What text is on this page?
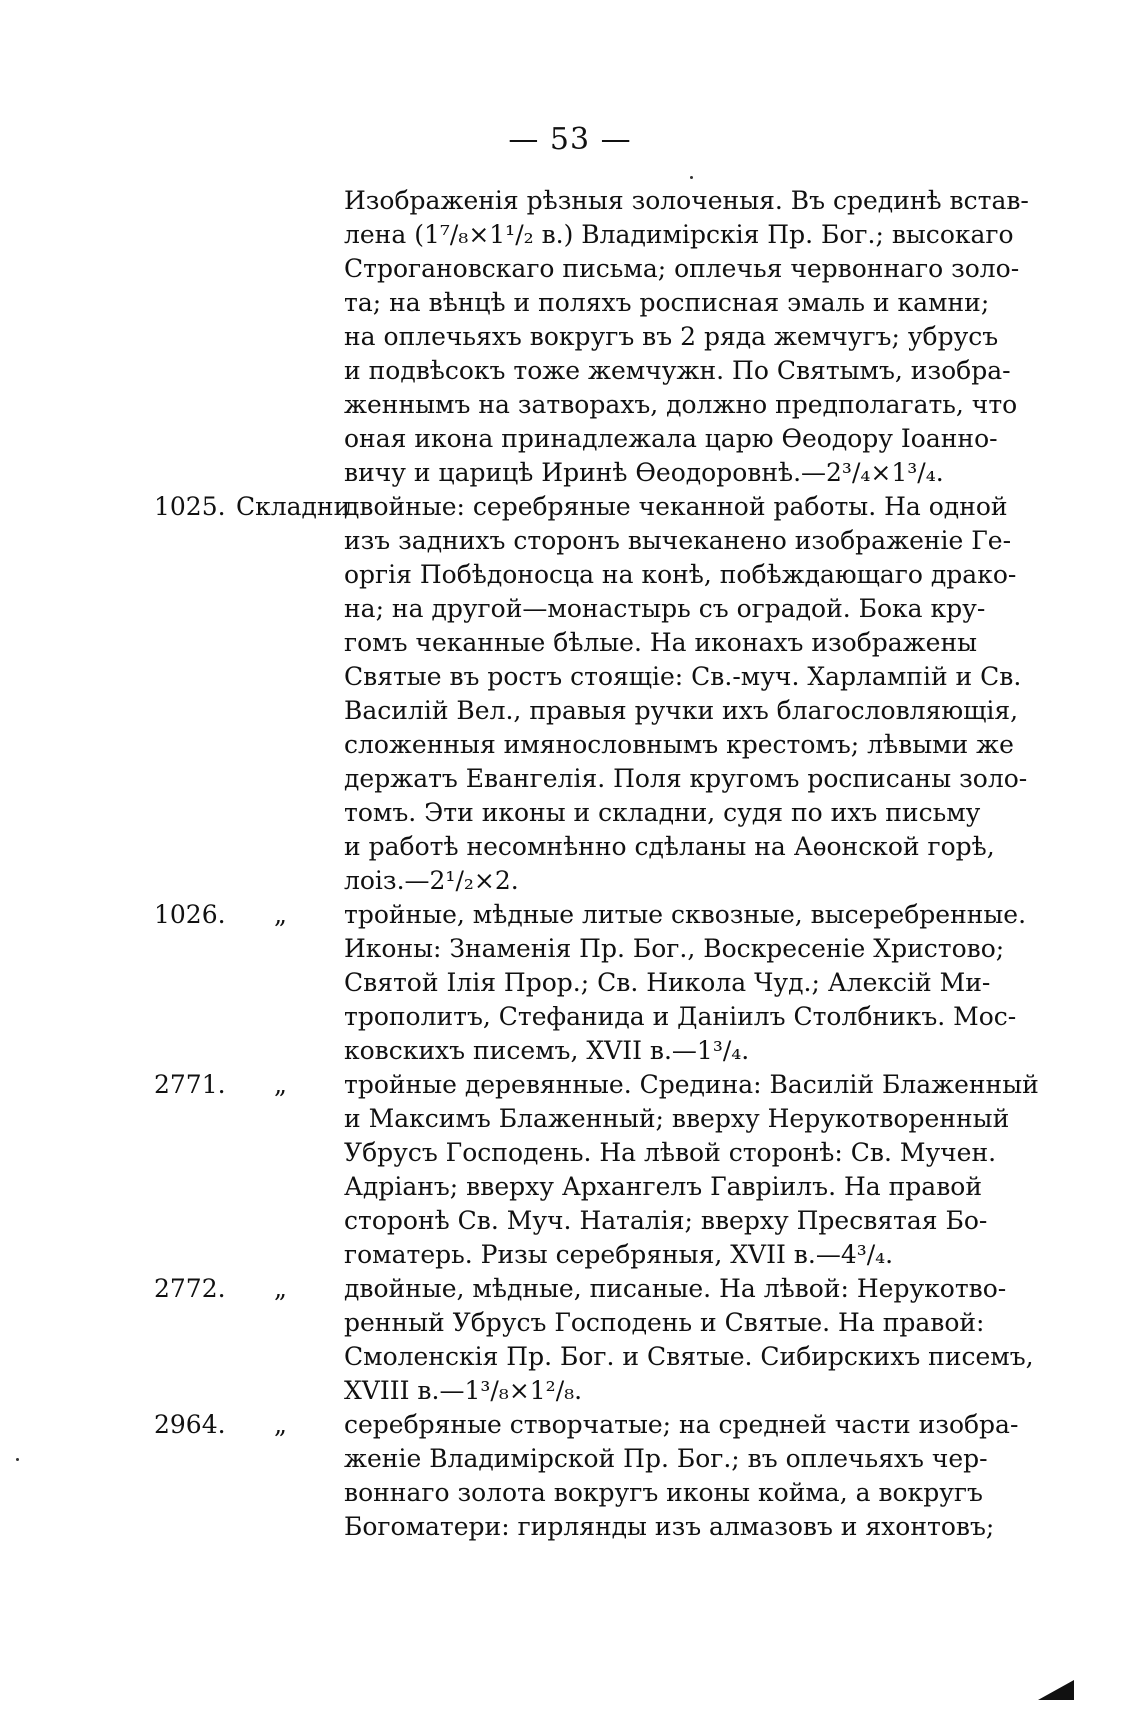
— 53 —
Изображенія рѣзныя золоченыя. Въ срединѣ встав-
лена (1⁷/₈×1¹/₂ в.) Владимірскія Пр. Бог.; высокаго
Строгановскаго письма; оплечья червоннаго золо-
та; на вѣнцѣ и поляхъ росписная эмаль и камни;
на оплечьяхъ вокругъ въ 2 ряда жемчугъ; убрусъ
и подвѣсокъ тоже жемчужн. По Святымъ, изобра-
женнымъ на затворахъ, должно предполагать, что
оная икона принадлежала царю Ѳеодору Іоанно-
вичу и царицѣ Иринѣ Ѳеодоровнѣ.—2³/₄×1³/₄.
1025. Складни
двойные: серебряные чеканной работы. На одной
изъ заднихъ сторонъ вычеканено изображеніе Ге-
оргія Побѣдоносца на конѣ, побѣждающаго драко-
на; на другой—монастырь съ оградой. Бока кру-
гомъ чеканные бѣлые. На иконахъ изображены
Святые въ ростъ стоящіе: Св.-муч. Харлампій и Св.
Василій Вел., правыя ручки ихъ благословляющія,
сложенныя имянословнымъ крестомъ; лѣвыми же
держатъ Евангелія. Поля кругомъ росписаны золо-
томъ. Эти иконы и складни, судя по ихъ письму
и работѣ несомнѣнно сдѣланы на Аѳонской горѣ,
лоіз.—2¹/₂×2.
1026. „ тройные, мѣдные литые сквозные, высеребренные.
Иконы: Знаменія Пр. Бог., Воскресеніе Христово;
Святой Ілія Прор.; Св. Никола Чуд.; Алексій Ми-
трополитъ, Стефанида и Даніилъ Столбникъ. Мос-
ковскихъ писемъ, XVII в.—1³/₄.
2771. „ тройные деревянные. Средина: Василій Блаженный
и Максимъ Блаженный; вверху Нерукотворенный
Убрусъ Господень. На лѣвой сторонѣ: Св. Мучен.
Адріанъ; вверху Архангелъ Гавріилъ. На правой
сторонѣ Св. Муч. Наталія; вверху Пресвятая Бо-
гоматерь. Ризы серебряныя, XVII в.—4³/₄.
2772. „ двойные, мѣдные, писаные. На лѣвой: Нерукотво-
ренный Убрусъ Господень и Святые. На правой:
Смоленскія Пр. Бог. и Святые. Сибирскихъ писемъ,
XVIII в.—1³/₈×1²/₈.
2964. „ серебряные створчатые; на средней части изобра-
женіе Владимірской Пр. Бог.; въ оплечьяхъ чер-
воннаго золота вокругъ иконы койма, а вокругъ
Богоматери: гирлянды изъ алмазовъ и яхонтовъ;
